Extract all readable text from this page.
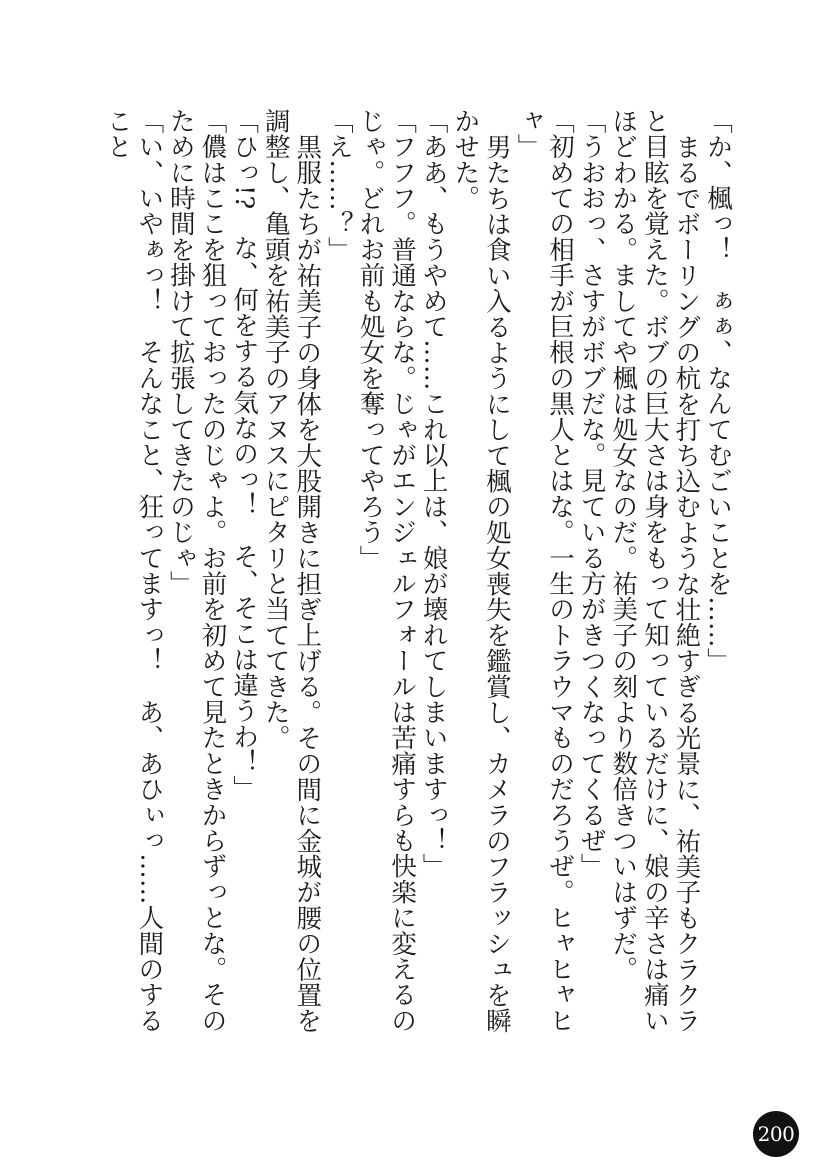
「か、楓っ！　ぁぁ、なんてむごいことを……」

まるでボーリングの杭を打ち込むような壮絶すぎる光景に、祐美子もクラクラと目眩を覚えた。ボブの巨大さは身をもって知っているだけに、娘の辛さは痛いほどわかる。ましてや楓は処女なのだ。祐美子の刻より数倍きついはずだ。

「うおおっ、さすがボブだな。見ている方がきつくなってくるぜ」

「初めての相手が巨根の黒人とはな。一生のトラウマものだろうぜ。ヒャヒャヒャ」

男たちは食い入るようにして楓の処女喪失を鑑賞し、カメラのフラッシュを瞬かせた。

「ああ、もうやめて……これ以上は、娘が壊れてしまいますっ！」

「フフフ。普通ならな。じゃがエンジェルフォールは苦痛すらも快楽に変えるのじゃ。どれお前も処女を奪ってやろう」

「え……？」

黒服たちが祐美子の身体を大股開きに担ぎ上げる。その間に金城が腰の位置を調整し、亀頭を祐美子のアヌスにピタリと当ててきた。

「ひっ!?　な、何をする気なのっ！　そ、そこは違うわ！」

「儂はここを狙っておったのじゃよ。お前を初めて見たときからずっとな。そのために時間を掛けて拡張してきたのじゃ」

「い、いやぁっ！　そんなこと、狂ってますっ！　あ、あひぃっ……人間のすること

200
